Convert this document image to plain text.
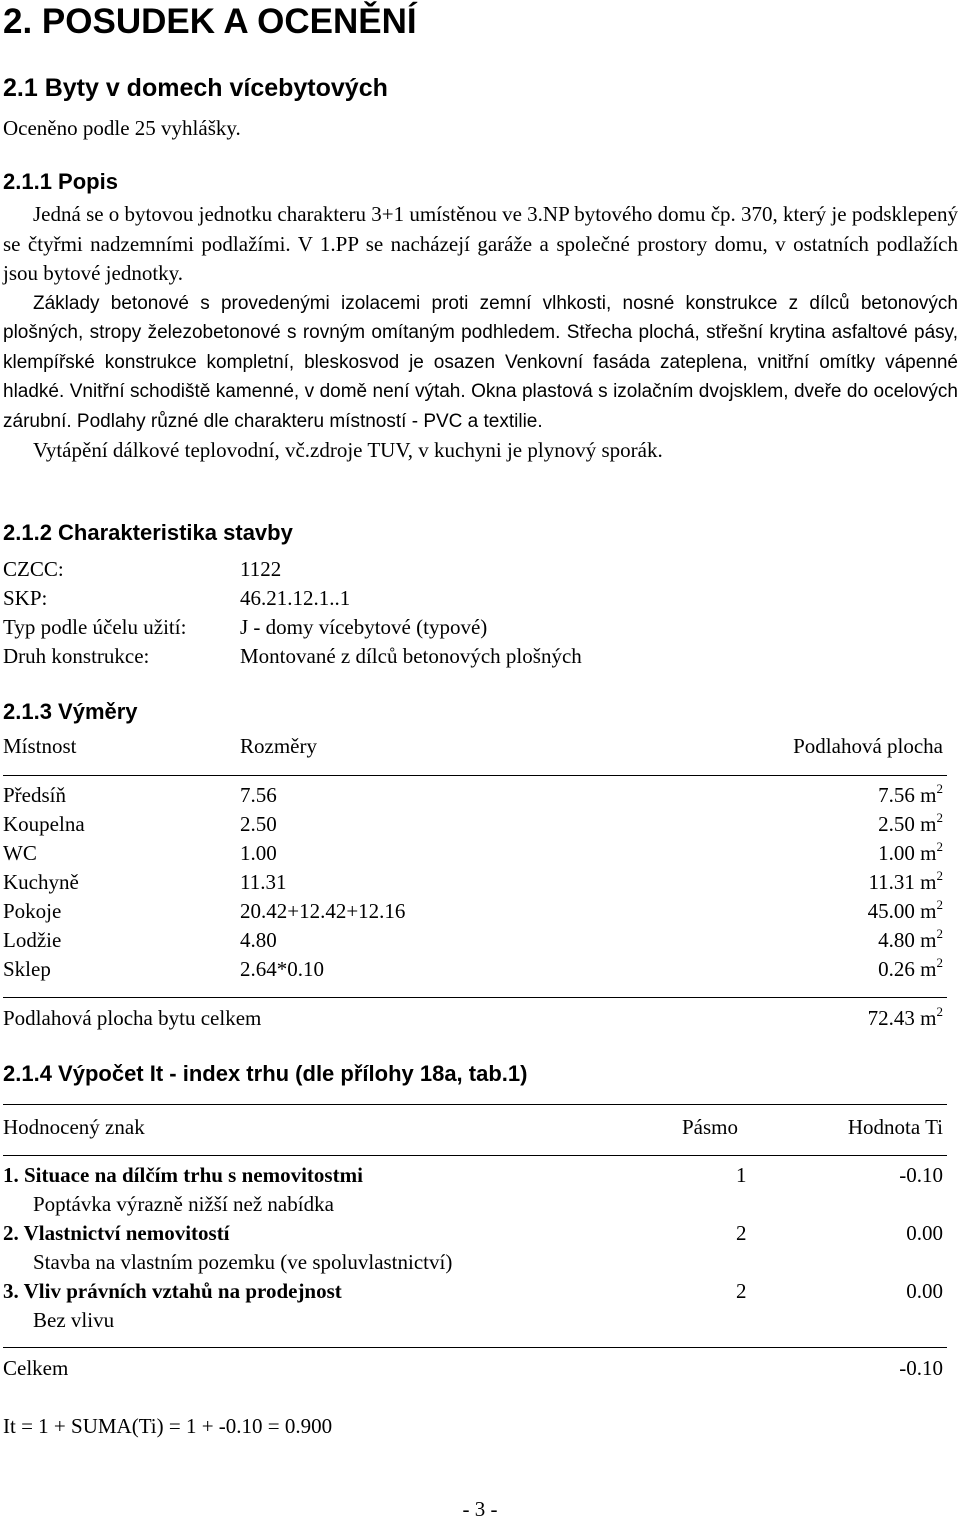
2. POSUDEK A OCENĚNÍ
2.1 Byty v domech vícebytových
Oceněno podle 25 vyhlášky.
2.1.1 Popis

Jedná se o bytovou jednotku charakteru 3+1 umístěnou ve 3.NP bytového domu čp. 370, který je podsklepený se čtyřmi nadzemními podlažími. V 1.PP se nacházejí garáže a společné prostory domu, v ostatních podlažích jsou bytové jednotky.

Základy betonové s provedenými izolacemi proti zemní vlhkosti, nosné konstrukce z dílců betonových plošných, stropy železobetonové s rovným omítaným podhledem. Střecha plochá, střešní krytina asfaltové pásy, klempířské konstrukce kompletní, bleskosvod je osazen Venkovní fasáda zateplena, vnitřní omítky vápenné hladké. Vnitřní schodiště kamenné, v domě není výtah. Okna plastová s izolačním dvojsklem, dveře do ocelových zárubní. Podlahy různé dle charakteru místností - PVC a textilie.

Vytápění dálkové teplovodní, vč.zdroje TUV, v kuchyni je plynový sporák.

2.1.2 Charakteristika stavby
CZCC:	1122
SKP:	46.21.12.1..1
Typ podle účelu užití:	J - domy vícebytové (typové)
Druh konstrukce:	Montované z dílců betonových plošných
2.1.3 Výměry
Místnost	Rozměry	Podlahová plocha
Předsíň	7.56	7.56 $m^2$
Koupelna	2.50	2.50 $m^2$
WC	1.00	1.00 $m^2$
Kuchyně	11.31	11.31 $m^2$
Pokoje	20.42+12.42+12.16	45.00 $m^2$
Lodžie	4.80	4.80 $m^2$
Sklep	2.64*0.10	0.26 $m^2$
Podlahová plocha bytu celkem	72.43 $m^2$
2.1.4 Výpočet It - index trhu (dle přílohy 18a, tab.1)
Hodnocený znak	Pásmo	Hodnota Ti
1. Situace na dílčím trhu s nemovitostmi	1	-0.10
Poptávka výrazně nižší než nabídka
2. Vlastnictví nemovitostí	2	0.00
Stavba na vlastním pozemku (ve spoluvlastnictví)
3. Vliv právních vztahů na prodejnost	2	0.00
Bez vlivu
Celkem	-0.10
It = 1 + SUMA(Ti) = 1 + -0.10 = 0.900
- 3 -
